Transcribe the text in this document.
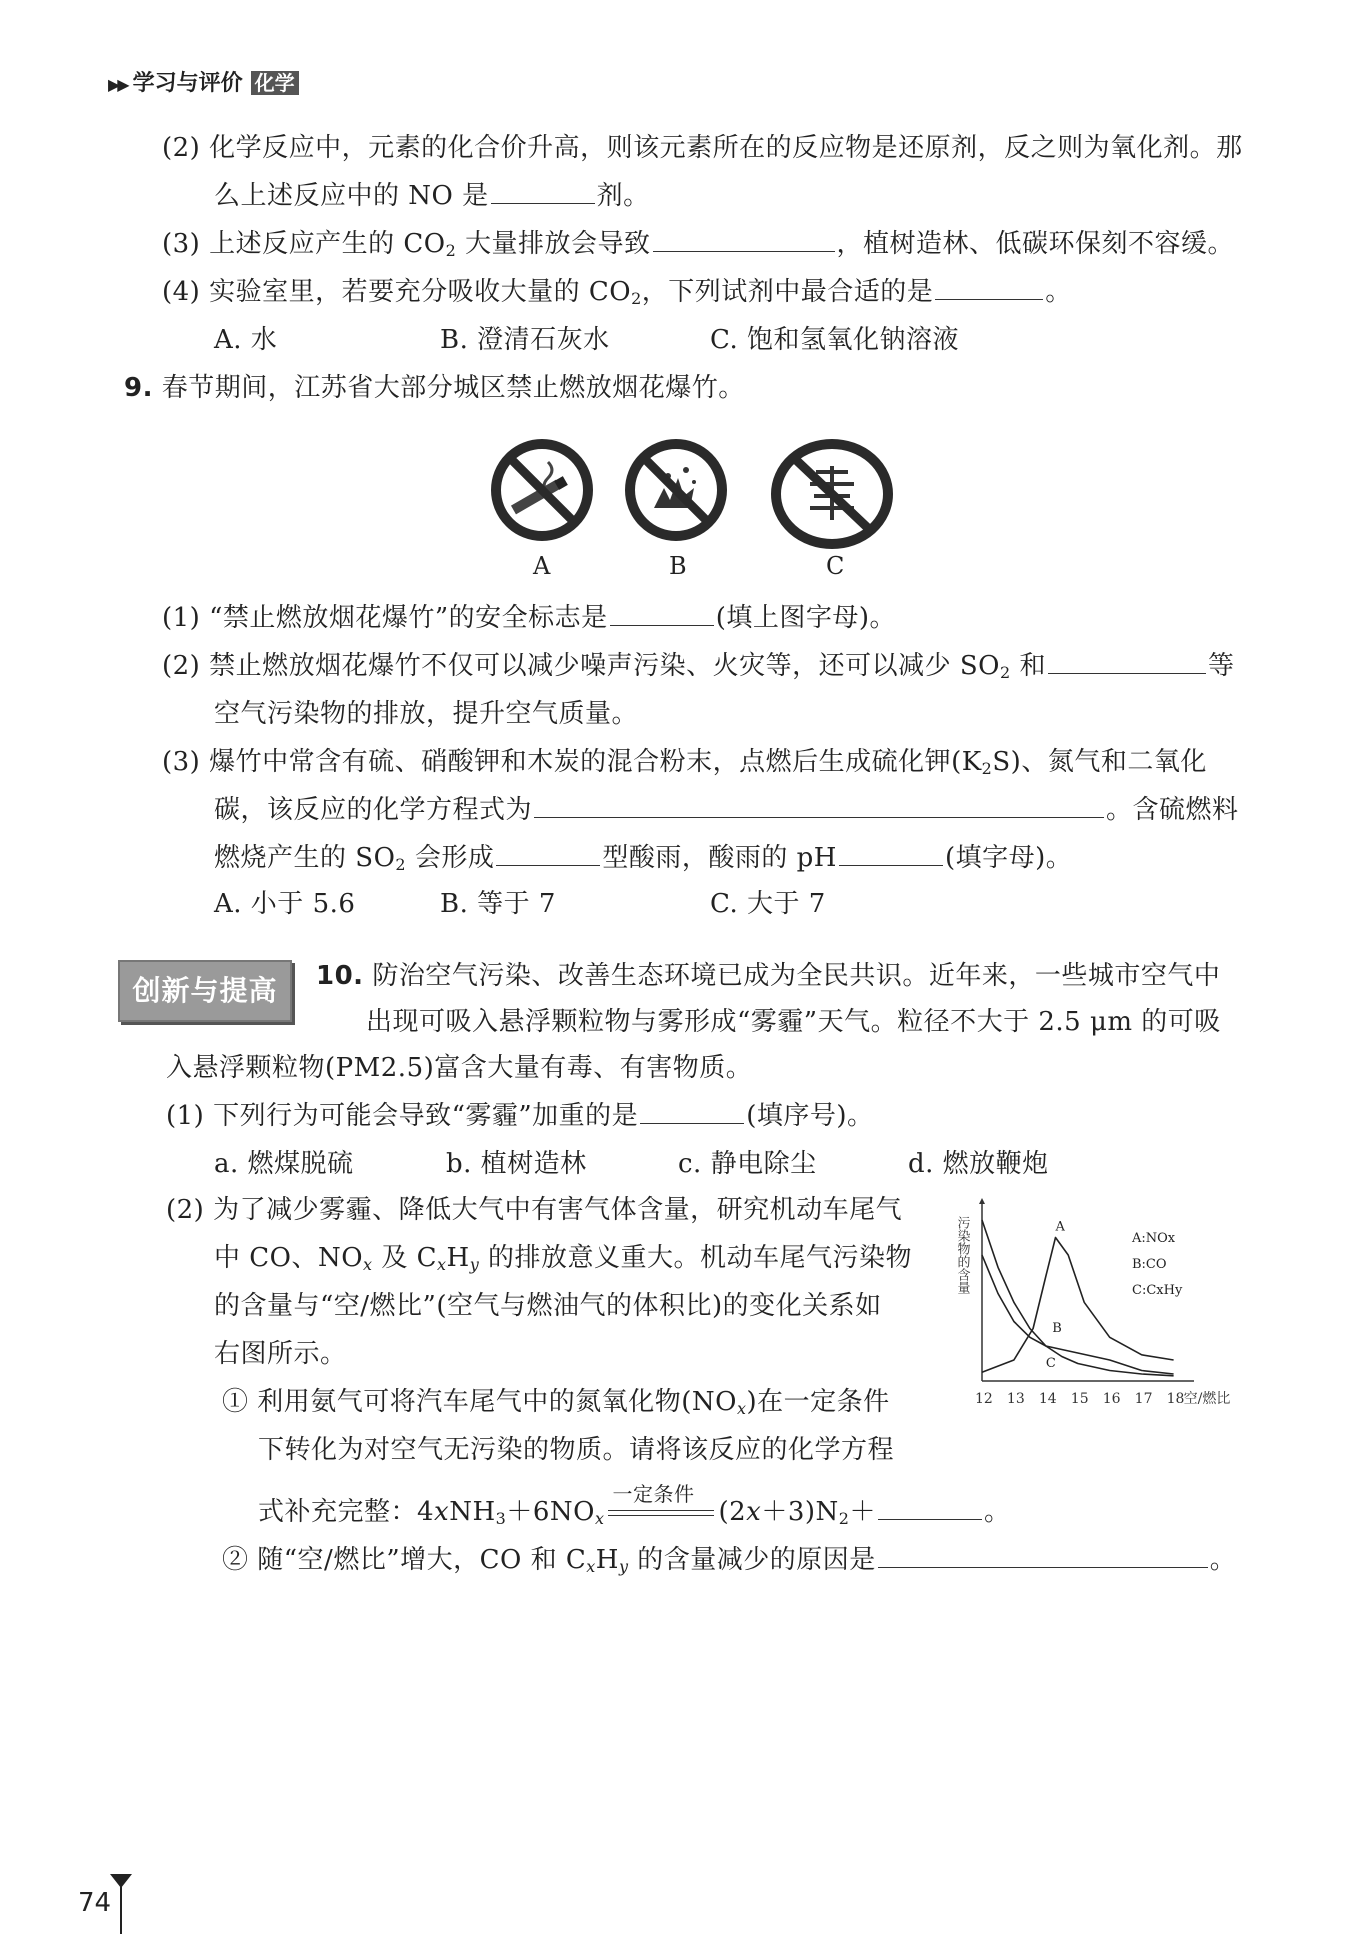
▶▶ 学习与评价 化学
(2) 化学反应中，元素的化合价升高，则该元素所在的反应物是还原剂，反之则为氧化剂。那
么上述反应中的 NO 是	剂。
(3) 上述反应产生的 $CO_2$ 大量排放会导致	，植树造林、低碳环保刻不容缓。
(4) 实验室里，若要充分吸收大量的 $CO_2$，下列试剂中最合适的是	。
A. 水	B. 澄清石灰水	C. 饱和氢氧化钠溶液
9. 春节期间，江苏省大部分城区禁止燃放烟花爆竹。
A	B	C
(1) “禁止燃放烟花爆竹”的安全标志是	(填上图字母)。
(2) 禁止燃放烟花爆竹不仅可以减少噪声污染、火灾等，还可以减少 $SO_2$ 和	等
空气污染物的排放，提升空气质量。
(3) 爆竹中常含有硫、硝酸钾和木炭的混合粉末，点燃后生成硫化钾$(K_2S)$、氮气和二氧化
碳，该反应的化学方程式为	。含硫燃料
燃烧产生的 $SO_2$ 会形成	型酸雨，酸雨的 pH	(填字母)。
A. 小于 5.6	B. 等于 7	C. 大于 7
创新与提高	10. 防治空气污染、改善生态环境已成为全民共识。近年来，一些城市空气中
出现可吸入悬浮颗粒物与雾形成“雾霾”天气。粒径不大于 2.5 μm 的可吸
入悬浮颗粒物(PM2.5)富含大量有毒、有害物质。
(1) 下列行为可能会导致“雾霾”加重的是	(填序号)。
a. 燃煤脱硫	b. 植树造林	c. 静电除尘	d. 燃放鞭炮
(2) 为了减少雾霾、降低大气中有害气体含量，研究机动车尾气
中 CO、$NO_x$ 及 $C_xH_y$ 的排放意义重大。机动车尾气污染物
的含量与“空/燃比”(空气与燃油气的体积比)的变化关系如
右图所示。
① 利用氨气可将汽车尾气中的氮氧化物$(NO_x)$在一定条件
下转化为对空气无污染的物质。请将该反应的化学方程
式补充完整：$4xNH_3+6NO_x$
一定条件
$(2x+3)N_2+$	。
② 随“空/燃比”增大，CO 和 $C_xH_y$ 的含量减少的原因是	。
污染物的含量
12 13 14 15 16 17 18 空/燃比
A
B
C
A:NOx
B:CO
C:CxHy
74
